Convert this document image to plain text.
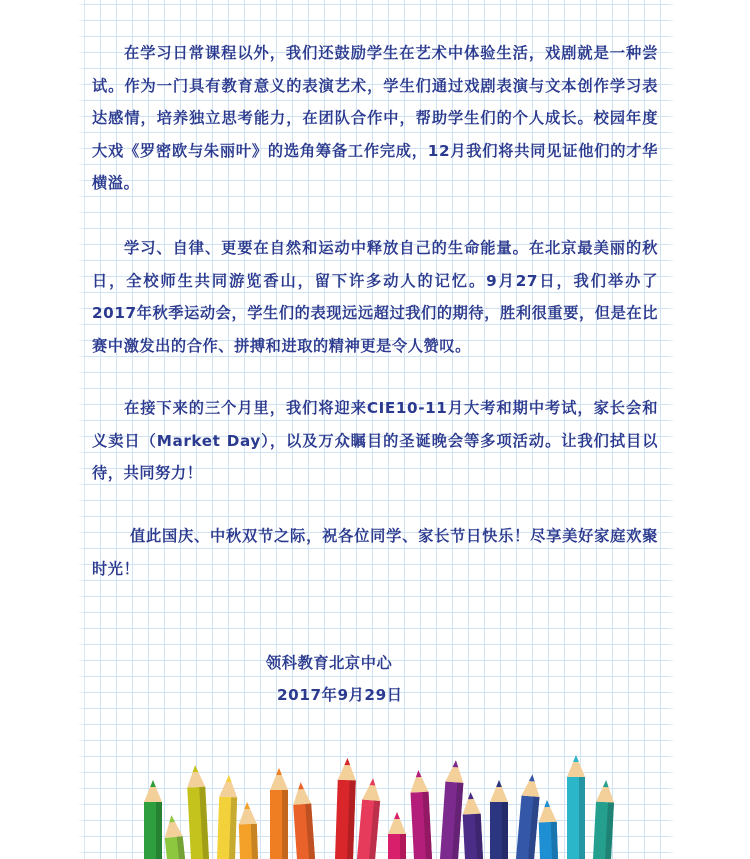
在学习日常课程以外，我们还鼓励学生在艺术中体验生活，戏剧就是一种尝试。作为一门具有教育意义的表演艺术，学生们通过戏剧表演与文本创作学习表达感情，培养独立思考能力，在团队合作中，帮助学生们的个人成长。校园年度大戏《罗密欧与朱丽叶》的选角筹备工作完成，12月我们将共同见证他们的才华横溢。

学习、自律、更要在自然和运动中释放自己的生命能量。在北京最美丽的秋日，全校师生共同游览香山，留下许多动人的记忆。9月27日，我们举办了2017年秋季运动会，学生们的表现远远超过我们的期待，胜利很重要，但是在比赛中激发出的合作、拼搏和进取的精神更是令人赞叹。

在接下来的三个月里，我们将迎来CIE10-11月大考和期中考试，家长会和义卖日（Market Day），以及万众瞩目的圣诞晚会等多项活动。让我们拭目以待，共同努力！

值此国庆、中秋双节之际，祝各位同学、家长节日快乐！尽享美好家庭欢聚时光！

领科教育北京中心
2017年9月29日
